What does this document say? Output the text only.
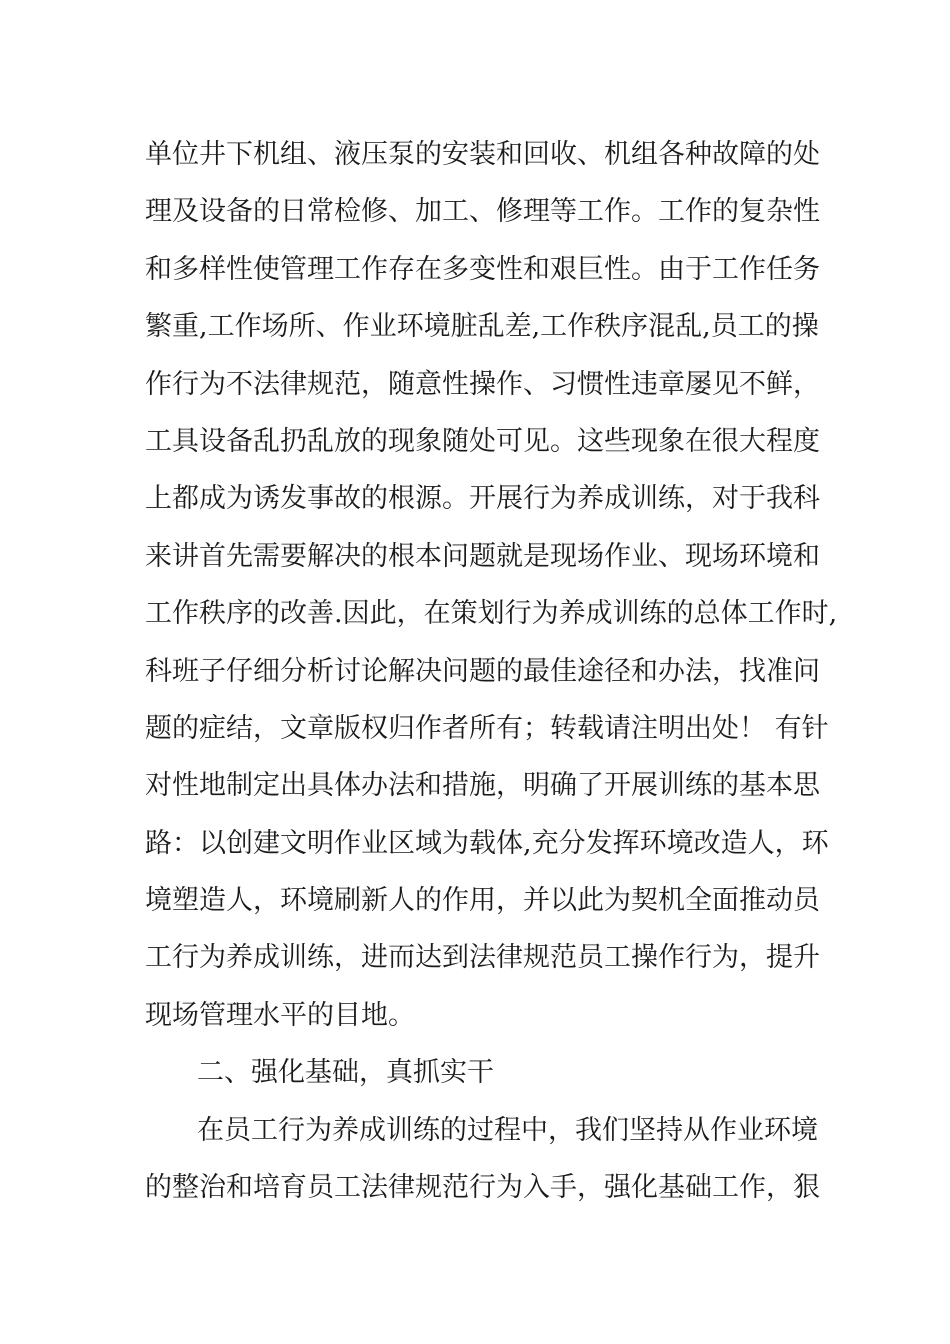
单位井下机组、液压泵的安装和回收、机组各种故障的处
理及设备的日常检修、加工、修理等工作。工作的复杂性
和多样性使管理工作存在多变性和艰巨性。由于工作任务
繁重,工作场所、作业环境脏乱差,工作秩序混乱,员工的操
作行为不法律规范，随意性操作、习惯性违章屡见不鲜，
工具设备乱扔乱放的现象随处可见。这些现象在很大程度
上都成为诱发事故的根源。开展行为养成训练，对于我科
来讲首先需要解决的根本问题就是现场作业、现场环境和
工作秩序的改善.因此，在策划行为养成训练的总体工作时,
科班子仔细分析讨论解决问题的最佳途径和办法，找准问
题的症结，文章版权归作者所有；转载请注明出处！ 有针
对性地制定出具体办法和措施，明确了开展训练的基本思
路：以创建文明作业区域为载体,充分发挥环境改造人，环
境塑造人，环境刷新人的作用，并以此为契机全面推动员
工行为养成训练，进而达到法律规范员工操作行为，提升
现场管理水平的目地。
二、强化基础，真抓实干
在员工行为养成训练的过程中，我们坚持从作业环境
的整治和培育员工法律规范行为入手，强化基础工作，狠
